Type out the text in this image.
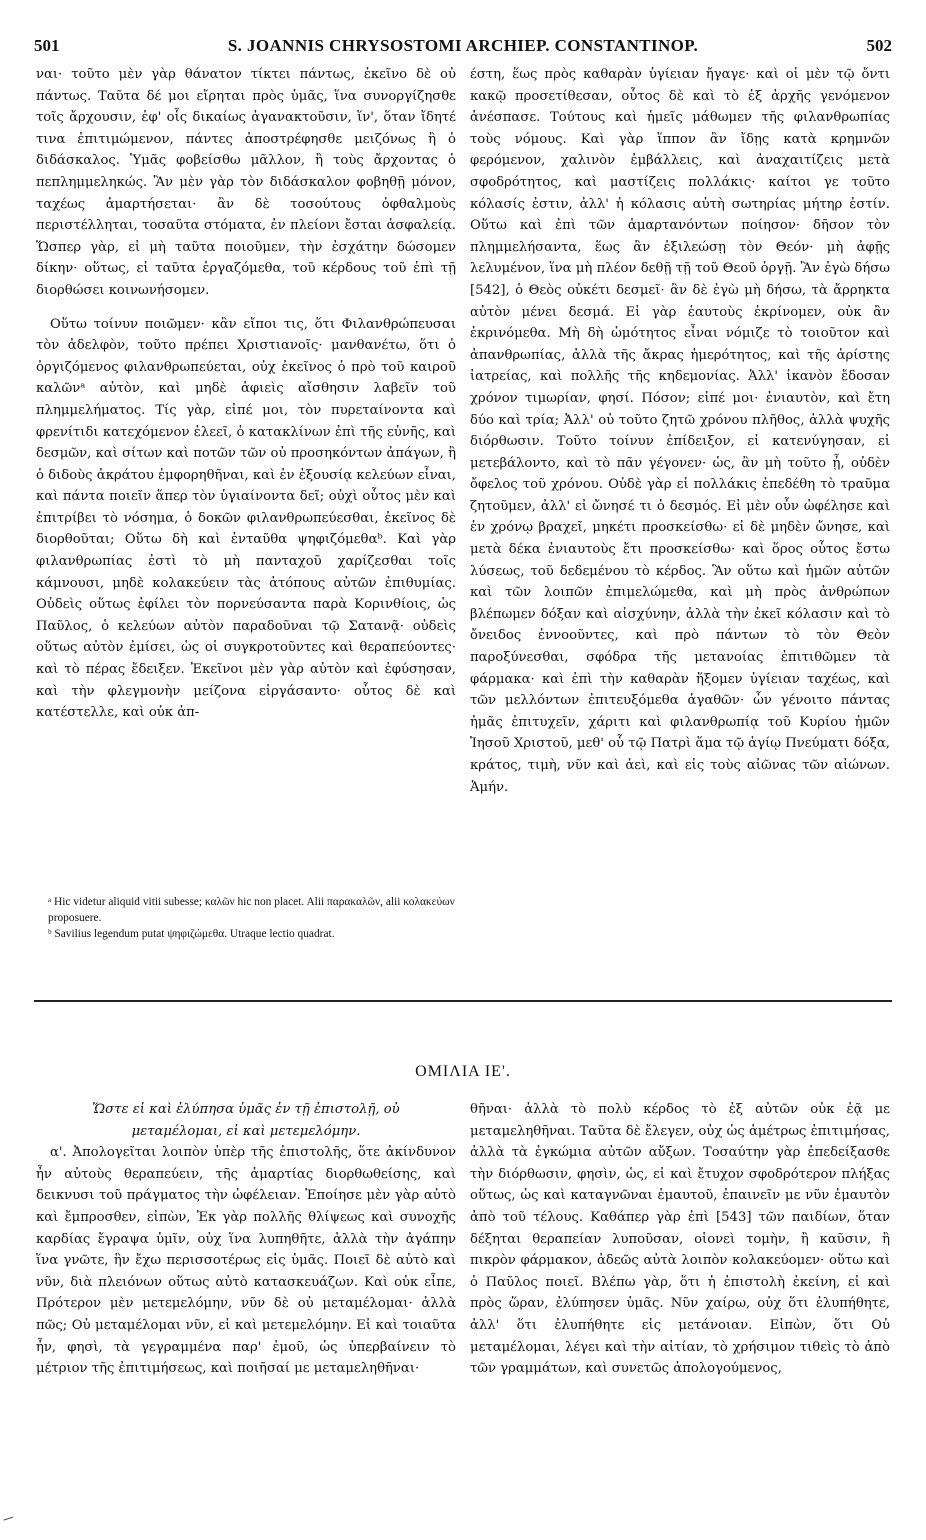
501	S. JOANNIS CHRYSOSTOMI ARCHIEP. CONSTANTINOP.	502

ναι· τοῦτο μὲν γὰρ θάνατον τίκτει πάντως, ἐκεῖνο δὲ οὐ πάντως. Ταῦτα δέ μοι εἴρηται πρὸς ὑμᾶς, ἵνα συνοργίζησθε τοῖς ἄρχουσιν, ἐφ' οἷς δικαίως ἀγανακτοῦσιν, ἵν', ὅταν ἴδητέ τινα ἐπιτιμώμενον, πάντες ἀποστρέφησθε μειζόνως ἢ ὁ διδάσκαλος. Ὑμᾶς φοβείσθω μᾶλλον, ἢ τοὺς ἄρχοντας ὁ πεπλημμεληκώς. Ἂν μὲν γὰρ τὸν διδάσκαλον φοβηθῇ μόνον, ταχέως ἁμαρτήσεται· ἂν δὲ τοσούτους ὀφθαλμοὺς περιστέλληται, τοσαῦτα στόματα, ἐν πλείονι ἔσται ἀσφαλείᾳ. Ὥσπερ γὰρ, εἰ μὴ ταῦτα ποιοῦμεν, τὴν ἐσχάτην δώσομεν δίκην· οὕτως, εἰ ταῦτα ἐργαζόμεθα, τοῦ κέρδους τοῦ ἐπὶ τῇ διορθώσει κοινωνήσομεν.

Οὕτω τοίνυν ποιῶμεν· κἂν εἴποι τις, ὅτι Φιλανθρώπευσαι τὸν ἀδελφὸν, τοῦτο πρέπει Χριστιανοῖς· μανθανέτω, ὅτι ὁ ὀργιζόμενος φιλανθρωπεύεται, οὐχ ἐκεῖνος ὁ πρὸ τοῦ καιροῦ καλῶνᵃ αὐτὸν, καὶ μηδὲ ἀφιεὶς αἴσθησιν λαβεῖν τοῦ πλημμελήματος. Τίς γὰρ, εἰπέ μοι, τὸν πυρεταίνοντα καὶ φρενίτιδι κατεχόμενον ἐλεεῖ, ὁ κατακλίνων ἐπὶ τῆς εὐνῆς, καὶ δεσμῶν, καὶ σίτων καὶ ποτῶν τῶν οὐ προσηκόντων ἀπάγων, ἢ ὁ διδοὺς ἀκράτου ἐμφορηθῆναι, καὶ ἐν ἐξουσίᾳ κελεύων εἶναι, καὶ πάντα ποιεῖν ἅπερ τὸν ὑγιαίνοντα δεῖ; οὐχὶ οὗτος μὲν καὶ ἐπιτρίβει τὸ νόσημα, ὁ δοκῶν φιλανθρωπεύεσθαι, ἐκεῖνος δὲ διορθοῦται; Οὕτω δὴ καὶ ἐνταῦθα ψηφιζόμεθαᵇ. Καὶ γὰρ φιλανθρωπίας ἐστὶ τὸ μὴ πανταχοῦ χαρίζεσθαι τοῖς κάμνουσι, μηδὲ κολακεύειν τὰς ἀτόπους αὐτῶν ἐπιθυμίας. Οὐδεὶς οὕτως ἐφίλει τὸν πορνεύσαντα παρὰ Κορινθίοις, ὡς Παῦλος, ὁ κελεύων αὐτὸν παραδοῦναι τῷ Σατανᾷ· οὐδεὶς οὕτως αὐτὸν ἐμίσει, ὡς οἱ συγκροτοῦντες καὶ θεραπεύοντες· καὶ τὸ πέρας ἔδειξεν. Ἐκεῖνοι μὲν γὰρ αὐτὸν καὶ ἐφύσησαν, καὶ τὴν φλεγμονὴν μείζονα εἰργάσαντο· οὗτος δὲ καὶ κατέστελλε, καὶ οὐκ ἀπ-

ᵃ Hic videtur aliquid vitii subesse; καλῶν hic non placet. Alii παρακαλῶν, alii κολακεύων proposuere.

ᵇ Savilius legendum putat ψηφιζώμεθα. Utraque lectio quadrat.

έστη, ἕως πρὸς καθαρὰν ὑγίειαν ἤγαγε· καὶ οἱ μὲν τῷ ὄντι κακῷ προσετίθεσαν, οὗτος δὲ καὶ τὸ ἐξ ἀρχῆς γενόμενον ἀνέσπασε. Τούτους καὶ ἡμεῖς μάθωμεν τῆς φιλανθρωπίας τοὺς νόμους. Καὶ γὰρ ἵππον ἂν ἴδῃς κατὰ κρημνῶν φερόμενον, χαλινὸν ἐμβάλλεις, καὶ ἀναχαιτίζεις μετὰ σφοδρότητος, καὶ μαστίζεις πολλάκις· καίτοι γε τοῦτο κόλασίς ἐστιν, ἀλλ' ἡ κόλασις αὐτὴ σωτηρίας μήτηρ ἐστίν. Οὕτω καὶ ἐπὶ τῶν ἁμαρτανόντων ποίησον· δῆσον τὸν πλημμελήσαντα, ἕως ἂν ἐξιλεώσῃ τὸν Θεόν· μὴ ἀφῇς λελυμένον, ἵνα μὴ πλέον δεθῇ τῇ τοῦ Θεοῦ ὀργῇ. Ἂν ἐγὼ δήσω [542], ὁ Θεὸς οὐκέτι δεσμεῖ· ἂν δὲ ἐγὼ μὴ δήσω, τὰ ἄρρηκτα αὐτὸν μένει δεσμά. Εἰ γὰρ ἑαυτοὺς ἐκρίνομεν, οὐκ ἂν ἐκρινόμεθα. Μὴ δὴ ὠμότητος εἶναι νόμιζε τὸ τοιοῦτον καὶ ἀπανθρωπίας, ἀλλὰ τῆς ἄκρας ἡμερότητος, καὶ τῆς ἀρίστης ἰατρείας, καὶ πολλῆς τῆς κηδεμονίας. Ἀλλ' ἱκανὸν ἔδοσαν χρόνον τιμωρίαν, φησί. Πόσον; εἰπέ μοι· ἐνιαυτὸν, καὶ ἔτη δύο καὶ τρία; Ἀλλ' οὐ τοῦτο ζητῶ χρόνου πλῆθος, ἀλλὰ ψυχῆς διόρθωσιν. Τοῦτο τοίνυν ἐπίδειξον, εἰ κατενύγησαν, εἰ μετεβάλοντο, καὶ τὸ πᾶν γέγονεν· ὡς, ἂν μὴ τοῦτο ᾖ, οὐδὲν ὄφελος τοῦ χρόνου. Οὐδὲ γὰρ εἰ πολλάκις ἐπεδέθη τὸ τραῦμα ζητοῦμεν, ἀλλ' εἰ ὤνησέ τι ὁ δεσμός. Εἰ μὲν οὖν ὠφέλησε καὶ ἐν χρόνῳ βραχεῖ, μηκέτι προσκείσθω· εἰ δὲ μηδὲν ὤνησε, καὶ μετὰ δέκα ἐνιαυτοὺς ἔτι προσκείσθω· καὶ ὅρος οὗτος ἔστω λύσεως, τοῦ δεδεμένου τὸ κέρδος. Ἂν οὕτω καὶ ἡμῶν αὐτῶν καὶ τῶν λοιπῶν ἐπιμελώμεθα, καὶ μὴ πρὸς ἀνθρώπων βλέπωμεν δόξαν καὶ αἰσχύνην, ἀλλὰ τὴν ἐκεῖ κόλασιν καὶ τὸ ὄνειδος ἐννοοῦντες, καὶ πρὸ πάντων τὸ τὸν Θεὸν παροξύνεσθαι, σφόδρα τῆς μετανοίας ἐπιτιθῶμεν τὰ φάρμακα· καὶ ἐπὶ τὴν καθαρὰν ἥξομεν ὑγίειαν ταχέως, καὶ τῶν μελλόντων ἐπιτευξόμεθα ἀγαθῶν· ὧν γένοιτο πάντας ἡμᾶς ἐπιτυχεῖν, χάριτι καὶ φιλανθρωπίᾳ τοῦ Κυρίου ἡμῶν Ἰησοῦ Χριστοῦ, μεθ' οὗ τῷ Πατρὶ ἅμα τῷ ἁγίῳ Πνεύματι δόξα, κράτος, τιμὴ, νῦν καὶ ἀεὶ, καὶ εἰς τοὺς αἰῶνας τῶν αἰώνων. Ἀμήν.

ΟΜΙΛΙΑ ΙΕ'.

Ὥστε εἰ καὶ ἐλύπησα ὑμᾶς ἐν τῇ ἐπιστολῇ, οὐ μεταμέλομαι, εἰ καὶ μετεμελόμην.

α'. Ἀπολογεῖται λοιπὸν ὑπὲρ τῆς ἐπιστολῆς, ὅτε ἀκίνδυνον ἦν αὐτοὺς θεραπεύειν, τῆς ἁμαρτίας διορθωθείσης, καὶ δεικνυσι τοῦ πράγματος τὴν ὠφέλειαν. Ἐποίησε μὲν γὰρ αὐτὸ καὶ ἔμπροσθεν, εἰπὼν, Ἐκ γὰρ πολλῆς θλίψεως καὶ συνοχῆς καρδίας ἔγραψα ὑμῖν, οὐχ ἵνα λυπηθῆτε, ἀλλὰ τὴν ἀγάπην ἵνα γνῶτε, ἣν ἔχω περισσοτέρως εἰς ὑμᾶς. Ποιεῖ δὲ αὐτὸ καὶ νῦν, διὰ πλειόνων οὕτως αὐτὸ κατασκευάζων. Καὶ οὐκ εἶπε, Πρότερον μὲν μετεμελόμην, νῦν δὲ οὐ μεταμέλομαι· ἀλλὰ πῶς; Οὐ μεταμέλομαι νῦν, εἰ καὶ μετεμελόμην. Εἰ καὶ τοιαῦτα ἦν, φησὶ, τὰ γεγραμμένα παρ' ἐμοῦ, ὡς ὑπερβαίνειν τὸ μέτριον τῆς ἐπιτιμήσεως, καὶ ποιῆσαί με μεταμεληθῆναι·

θῆναι· ἀλλὰ τὸ πολὺ κέρδος τὸ ἐξ αὐτῶν οὐκ ἐᾷ με μεταμεληθῆναι. Ταῦτα δὲ ἔλεγεν, οὐχ ὡς ἀμέτρως ἐπιτιμήσας, ἀλλὰ τὰ ἐγκώμια αὐτῶν αὔξων. Τοσαύτην γὰρ ἐπεδείξασθε τὴν διόρθωσιν, φησὶν, ὡς, εἰ καὶ ἔτυχον σφοδρότερον πλήξας οὕτως, ὡς καὶ καταγνῶναι ἐμαυτοῦ, ἐπαινεῖν με νῦν ἐμαυτὸν ἀπὸ τοῦ τέλους. Καθάπερ γὰρ ἐπὶ [543] τῶν παιδίων, ὅταν δέξηται θεραπείαν λυποῦσαν, οἱονεὶ τομὴν, ἢ καῦσιν, ἢ πικρὸν φάρμακον, ἀδεῶς αὐτὰ λοιπὸν κολακεύομεν· οὕτω καὶ ὁ Παῦλος ποιεῖ. Βλέπω γὰρ, ὅτι ἡ ἐπιστολὴ ἐκείνη, εἰ καὶ πρὸς ὥραν, ἐλύπησεν ὑμᾶς. Νῦν χαίρω, οὐχ ὅτι ἐλυπήθητε, ἀλλ' ὅτι ἐλυπήθητε εἰς μετάνοιαν. Εἰπὼν, ὅτι Οὐ μεταμέλομαι, λέγει καὶ τὴν αἰτίαν, τὸ χρήσιμον τιθεὶς τὸ ἀπὸ τῶν γραμμάτων, καὶ συνετῶς ἀπολογούμενος,
